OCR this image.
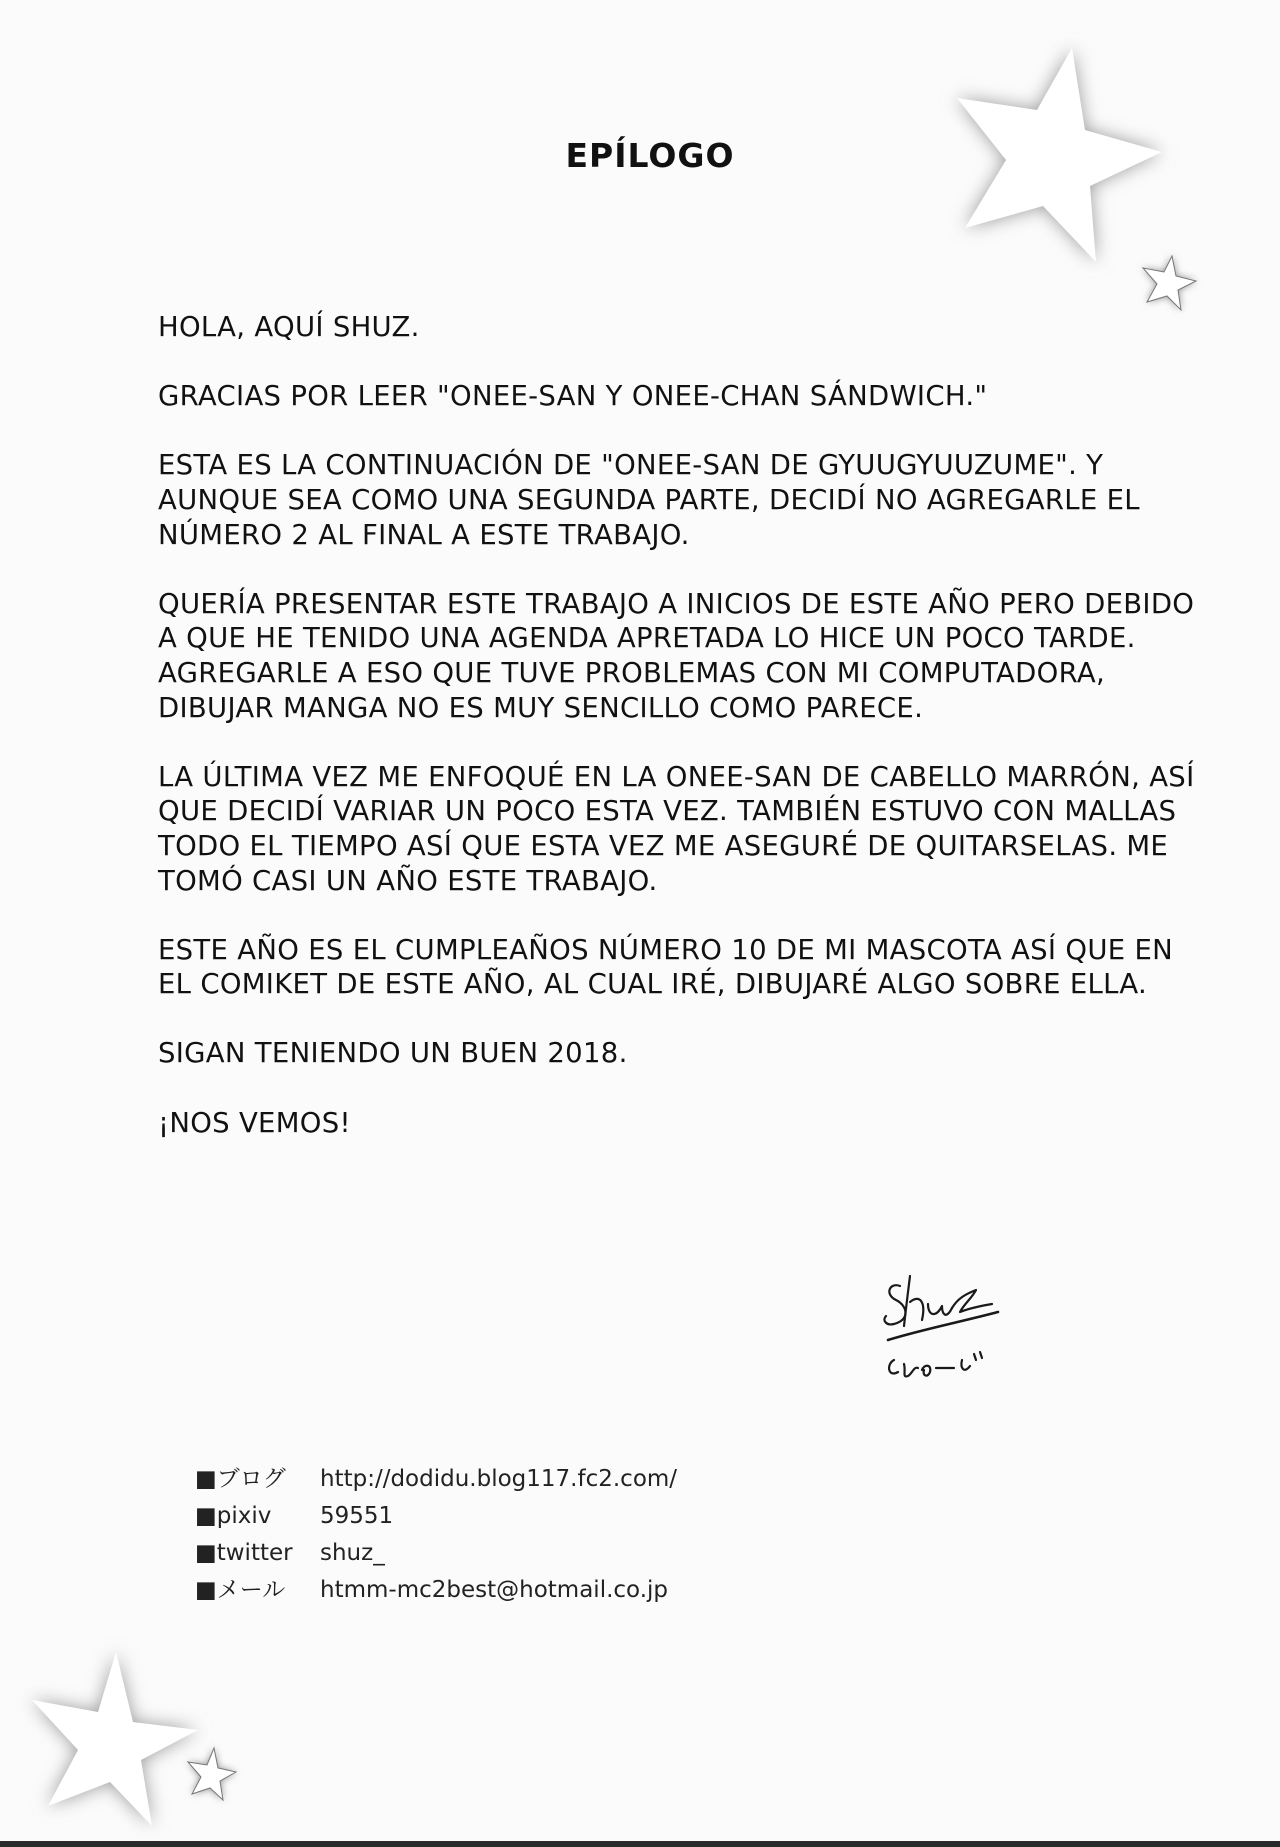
EPÍLOGO

HOLA, AQUÍ SHUZ.

GRACIAS POR LEER "ONEE-SAN Y ONEE-CHAN SÁNDWICH."

ESTA ES LA CONTINUACIÓN DE "ONEE-SAN DE GYUUGYUUZUME". Y AUNQUE SEA COMO UNA SEGUNDA PARTE, DECIDÍ NO AGREGARLE EL NÚMERO 2 AL FINAL A ESTE TRABAJO.

QUERÍA PRESENTAR ESTE TRABAJO A INICIOS DE ESTE AÑO PERO DEBIDO A QUE HE TENIDO UNA AGENDA APRETADA LO HICE UN POCO TARDE. AGREGARLE A ESO QUE TUVE PROBLEMAS CON MI COMPUTADORA, DIBUJAR MANGA NO ES MUY SENCILLO COMO PARECE.

LA ÚLTIMA VEZ ME ENFOQUÉ EN LA ONEE-SAN DE CABELLO MARRÓN, ASÍ QUE DECIDÍ VARIAR UN POCO ESTA VEZ. TAMBIÉN ESTUVO CON MALLAS TODO EL TIEMPO ASÍ QUE ESTA VEZ ME ASEGURÉ DE QUITARSELAS. ME TOMÓ CASI UN AÑO ESTE TRABAJO.

ESTE AÑO ES EL CUMPLEAÑOS NÚMERO 10 DE MI MASCOTA ASÍ QUE EN EL COMIKET DE ESTE AÑO, AL CUAL IRÉ, DIBUJARÉ ALGO SOBRE ELLA.

SIGAN TENIENDO UN BUEN 2018.

¡NOS VEMOS!

■ブログ	http://dodidu.blog117.fc2.com/
■pixiv	59551
■twitter	shuz_
■メール	htmm-mc2best@hotmail.co.jp
